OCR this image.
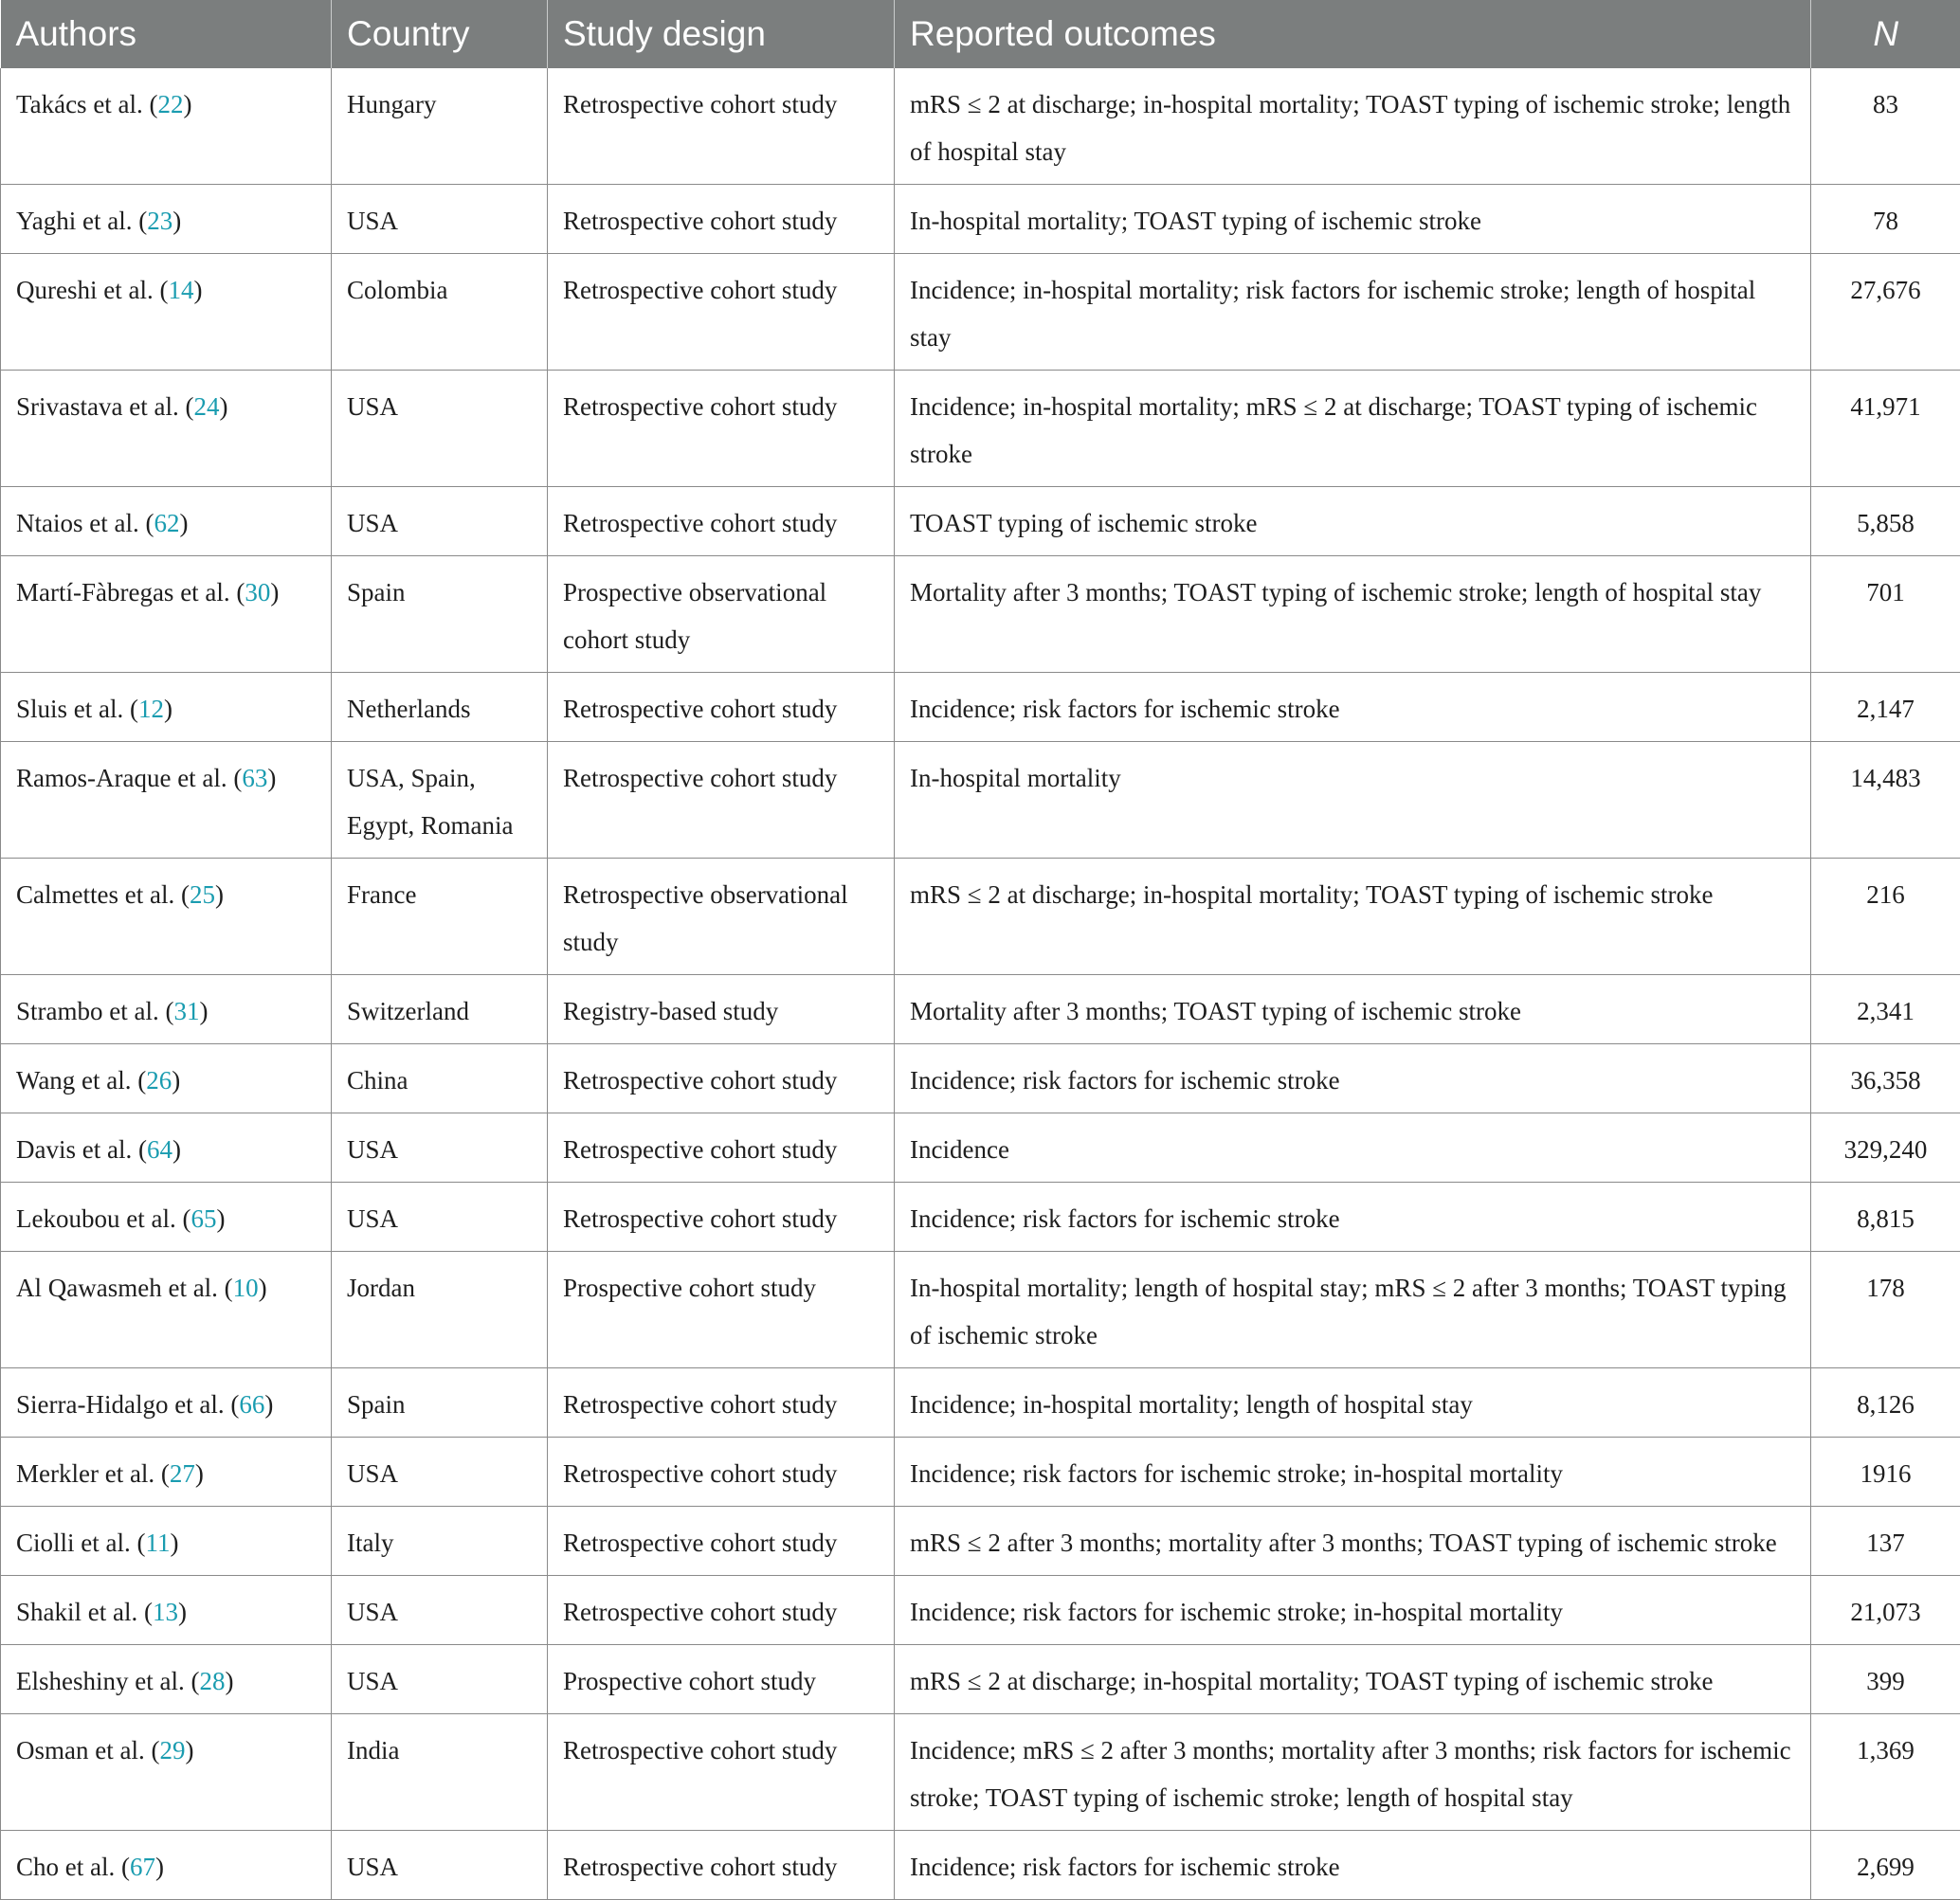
Authors	Country	Study design	Reported outcomes	N
Takács et al. (22)	Hungary	Retrospective cohort study	mRS ≤ 2 at discharge; in-hospital mortality; TOAST typing of ischemic stroke; length of hospital stay	83
Yaghi et al. (23)	USA	Retrospective cohort study	In-hospital mortality; TOAST typing of ischemic stroke	78
Qureshi et al. (14)	Colombia	Retrospective cohort study	Incidence; in-hospital mortality; risk factors for ischemic stroke; length of hospital stay	27,676
Srivastava et al. (24)	USA	Retrospective cohort study	Incidence; in-hospital mortality; mRS ≤ 2 at discharge; TOAST typing of ischemic stroke	41,971
Ntaios et al. (62)	USA	Retrospective cohort study	TOAST typing of ischemic stroke	5,858
Martí-Fàbregas et al. (30)	Spain	Prospective observational cohort study	Mortality after 3 months; TOAST typing of ischemic stroke; length of hospital stay	701
Sluis et al. (12)	Netherlands	Retrospective cohort study	Incidence; risk factors for ischemic stroke	2,147
Ramos-Araque et al. (63)	USA, Spain, Egypt, Romania	Retrospective cohort study	In-hospital mortality	14,483
Calmettes et al. (25)	France	Retrospective observational study	mRS ≤ 2 at discharge; in-hospital mortality; TOAST typing of ischemic stroke	216
Strambo et al. (31)	Switzerland	Registry-based study	Mortality after 3 months; TOAST typing of ischemic stroke	2,341
Wang et al. (26)	China	Retrospective cohort study	Incidence; risk factors for ischemic stroke	36,358
Davis et al. (64)	USA	Retrospective cohort study	Incidence	329,240
Lekoubou et al. (65)	USA	Retrospective cohort study	Incidence; risk factors for ischemic stroke	8,815
Al Qawasmeh et al. (10)	Jordan	Prospective cohort study	In-hospital mortality; length of hospital stay; mRS ≤ 2 after 3 months; TOAST typing of ischemic stroke	178
Sierra-Hidalgo et al. (66)	Spain	Retrospective cohort study	Incidence; in-hospital mortality; length of hospital stay	8,126
Merkler et al. (27)	USA	Retrospective cohort study	Incidence; risk factors for ischemic stroke; in-hospital mortality	1916
Ciolli et al. (11)	Italy	Retrospective cohort study	mRS ≤ 2 after 3 months; mortality after 3 months; TOAST typing of ischemic stroke	137
Shakil et al. (13)	USA	Retrospective cohort study	Incidence; risk factors for ischemic stroke; in-hospital mortality	21,073
Elsheshiny et al. (28)	USA	Prospective cohort study	mRS ≤ 2 at discharge; in-hospital mortality; TOAST typing of ischemic stroke	399
Osman et al. (29)	India	Retrospective cohort study	Incidence; mRS ≤ 2 after 3 months; mortality after 3 months; risk factors for ischemic stroke; TOAST typing of ischemic stroke; length of hospital stay	1,369
Cho et al. (67)	USA	Retrospective cohort study	Incidence; risk factors for ischemic stroke	2,699
